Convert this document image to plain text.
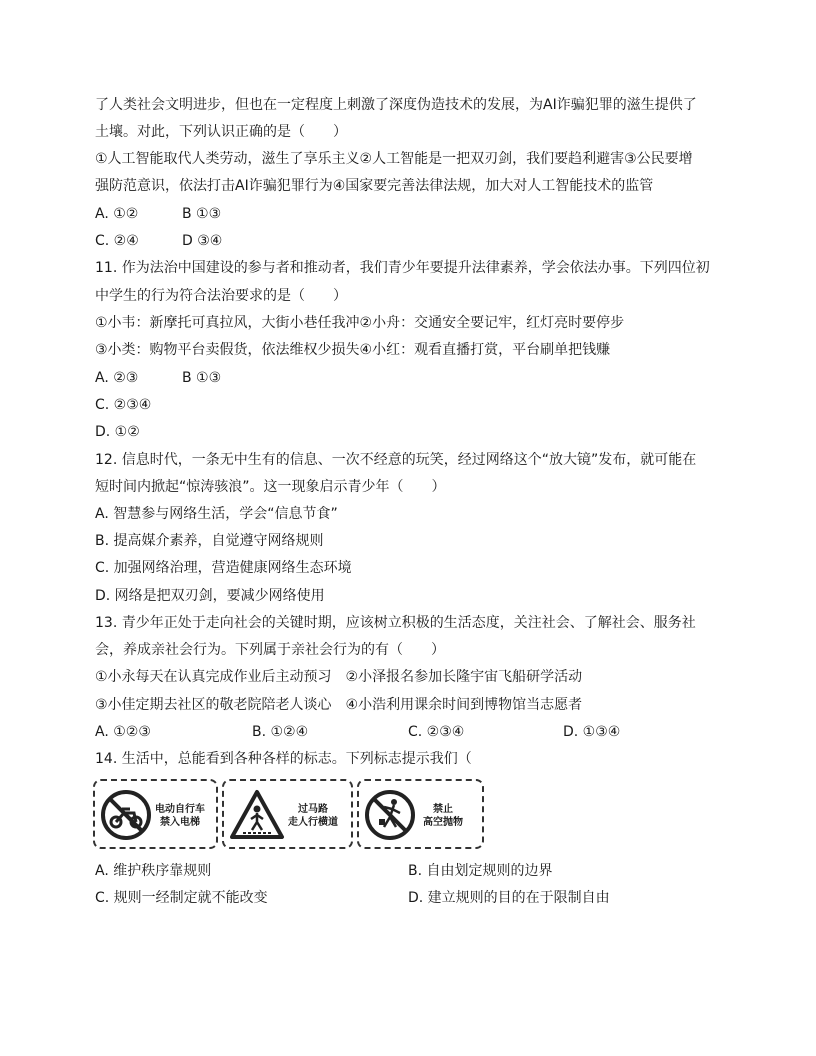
了人类社会文明进步，但也在一定程度上刺激了深度伪造技术的发展，为AI诈骗犯罪的滋生提供了
土壤。对此，下列认识正确的是（　　）
①人工智能取代人类劳动，滋生了享乐主义②人工智能是一把双刃剑，我们要趋利避害③公民要增
强防范意识，依法打击AI诈骗犯罪行为④国家要完善法律法规，加大对人工智能技术的监管
A. ①②	B ①③
C. ②④	D ③④
11. 作为法治中国建设的参与者和推动者，我们青少年要提升法律素养，学会依法办事。下列四位初
中学生的行为符合法治要求的是（　　）
①小韦：新摩托可真拉风，大街小巷任我冲②小舟：交通安全要记牢，红灯亮时要停步
③小类：购物平台卖假货，依法维权少损失④小红：观看直播打赏，平台刷单把钱赚
A. ②③	B ①③
C. ②③④
D. ①②
12. 信息时代，一条无中生有的信息、一次不经意的玩笑，经过网络这个“放大镜”发布，就可能在
短时间内掀起“惊涛骇浪”。这一现象启示青少年（　　）
A. 智慧参与网络生活，学会“信息节食”
B. 提高媒介素养，自觉遵守网络规则
C. 加强网络治理，营造健康网络生态环境
D. 网络是把双刃剑，要减少网络使用
13. 青少年正处于走向社会的关键时期，应该树立积极的生活态度，关注社会、了解社会、服务社
会，养成亲社会行为。下列属于亲社会行为的有（　　）
①小永每天在认真完成作业后主动预习　②小泽报名参加长隆宇宙飞船研学活动
③小佳定期去社区的敬老院陪老人谈心　④小浩利用课余时间到博物馆当志愿者
A. ①②③	B. ①②④	C. ②③④	D. ①③④
14. 生活中，总能看到各种各样的标志。下列标志提示我们（
电动自行车
禁入电梯
过马路
走人行横道
禁止
高空抛物
A. 维护秩序靠规则	B. 自由划定规则的边界
C. 规则一经制定就不能改变	D. 建立规则的目的在于限制自由
